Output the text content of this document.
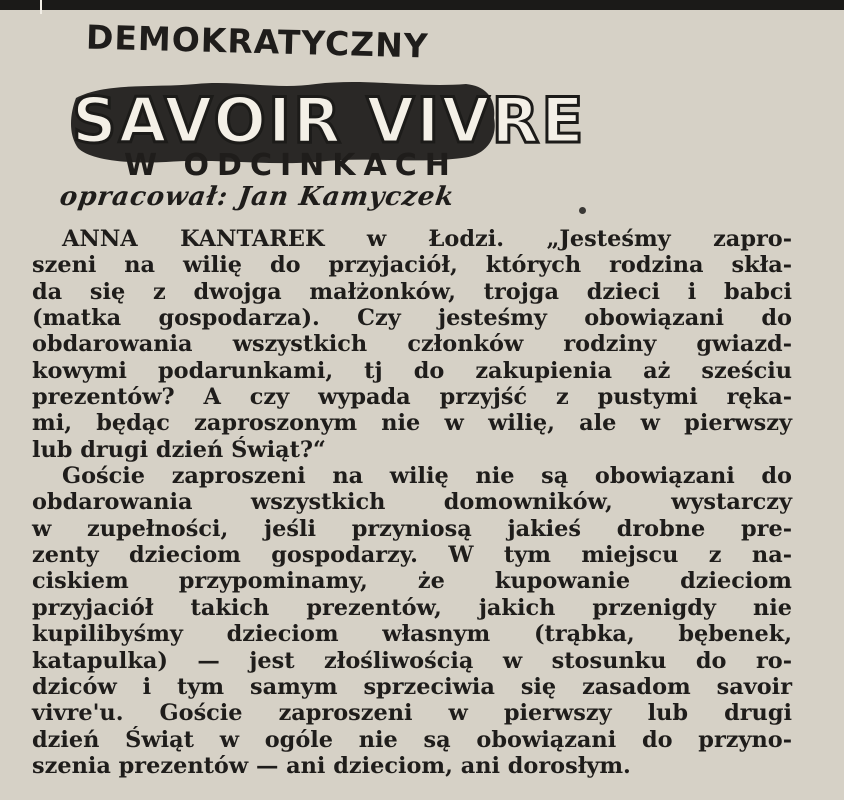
DEMOKRATYCZNY
SAVOIR VIVRE
W ODCINKACH
opracował: Jan Kamyczek
ANNA KANTAREK w Łodzi. „Jesteśmy zapro-
szeni na wilię do przyjaciół, których rodzina skła-
da się z dwojga małżonków, trojga dzieci i babci
(matka gospodarza). Czy jesteśmy obowiązani do
obdarowania wszystkich członków rodziny gwiazd-
kowymi podarunkami, tj do zakupienia aż sześciu
prezentów? A czy wypada przyjść z pustymi ręka-
mi, będąc zaproszonym nie w wilię, ale w pierwszy
lub drugi dzień Świąt?“
Goście zaproszeni na wilię nie są obowiązani do
obdarowania wszystkich domowników, wystarczy
w zupełności, jeśli przyniosą jakieś drobne pre-
zenty dzieciom gospodarzy. W tym miejscu z na-
ciskiem przypominamy, że kupowanie dzieciom
przyjaciół takich prezentów, jakich przenigdy nie
kupilibyśmy dzieciom własnym (trąbka, bębenek,
katapulka) — jest złośliwością w stosunku do ro-
dziców i tym samym sprzeciwia się zasadom savoir
vivre'u. Goście zaproszeni w pierwszy lub drugi
dzień Świąt w ogóle nie są obowiązani do przyno-
szenia prezentów — ani dzieciom, ani dorosłym.
